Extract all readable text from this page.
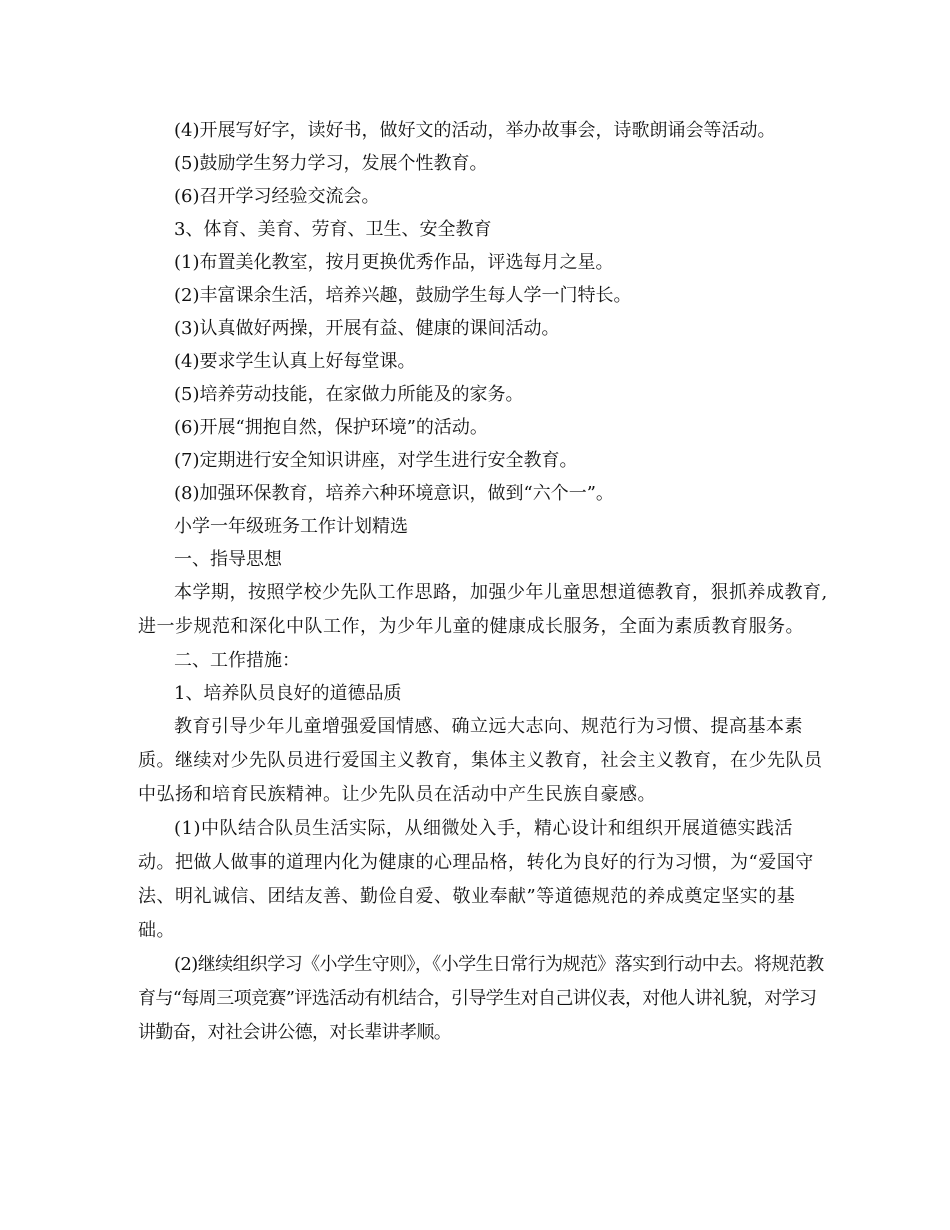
(4)开展写好字，读好书，做好文的活动，举办故事会，诗歌朗诵会等活动。
(5)鼓励学生努力学习，发展个性教育。
(6)召开学习经验交流会。
3、体育、美育、劳育、卫生、安全教育
(1)布置美化教室，按月更换优秀作品，评选每月之星。
(2)丰富课余生活，培养兴趣，鼓励学生每人学一门特长。
(3)认真做好两操，开展有益、健康的课间活动。
(4)要求学生认真上好每堂课。
(5)培养劳动技能，在家做力所能及的家务。
(6)开展“拥抱自然，保护环境”的活动。
(7)定期进行安全知识讲座，对学生进行安全教育。
(8)加强环保教育，培养六种环境意识，做到“六个一”。
小学一年级班务工作计划精选
一、指导思想
本学期，按照学校少先队工作思路，加强少年儿童思想道德教育，狠抓养成教育,进一步规范和深化中队工作，为少年儿童的健康成长服务，全面为素质教育服务。
二、工作措施：
1、培养队员良好的道德品质
教育引导少年儿童增强爱国情感、确立远大志向、规范行为习惯、提高基本素质。继续对少先队员进行爱国主义教育，集体主义教育，社会主义教育，在少先队员中弘扬和培育民族精神。让少先队员在活动中产生民族自豪感。
(1)中队结合队员生活实际，从细微处入手，精心设计和组织开展道德实践活动。把做人做事的道理内化为健康的心理品格，转化为良好的行为习惯，为“爱国守法、明礼诚信、团结友善、勤俭自爱、敬业奉献”等道德规范的养成奠定坚实的基础。
(2)继续组织学习《小学生守则》，《小学生日常行为规范》落实到行动中去。将规范教育与“每周三项竞赛”评选活动有机结合，引导学生对自己讲仪表，对他人讲礼貌，对学习讲勤奋，对社会讲公德，对长辈讲孝顺。
